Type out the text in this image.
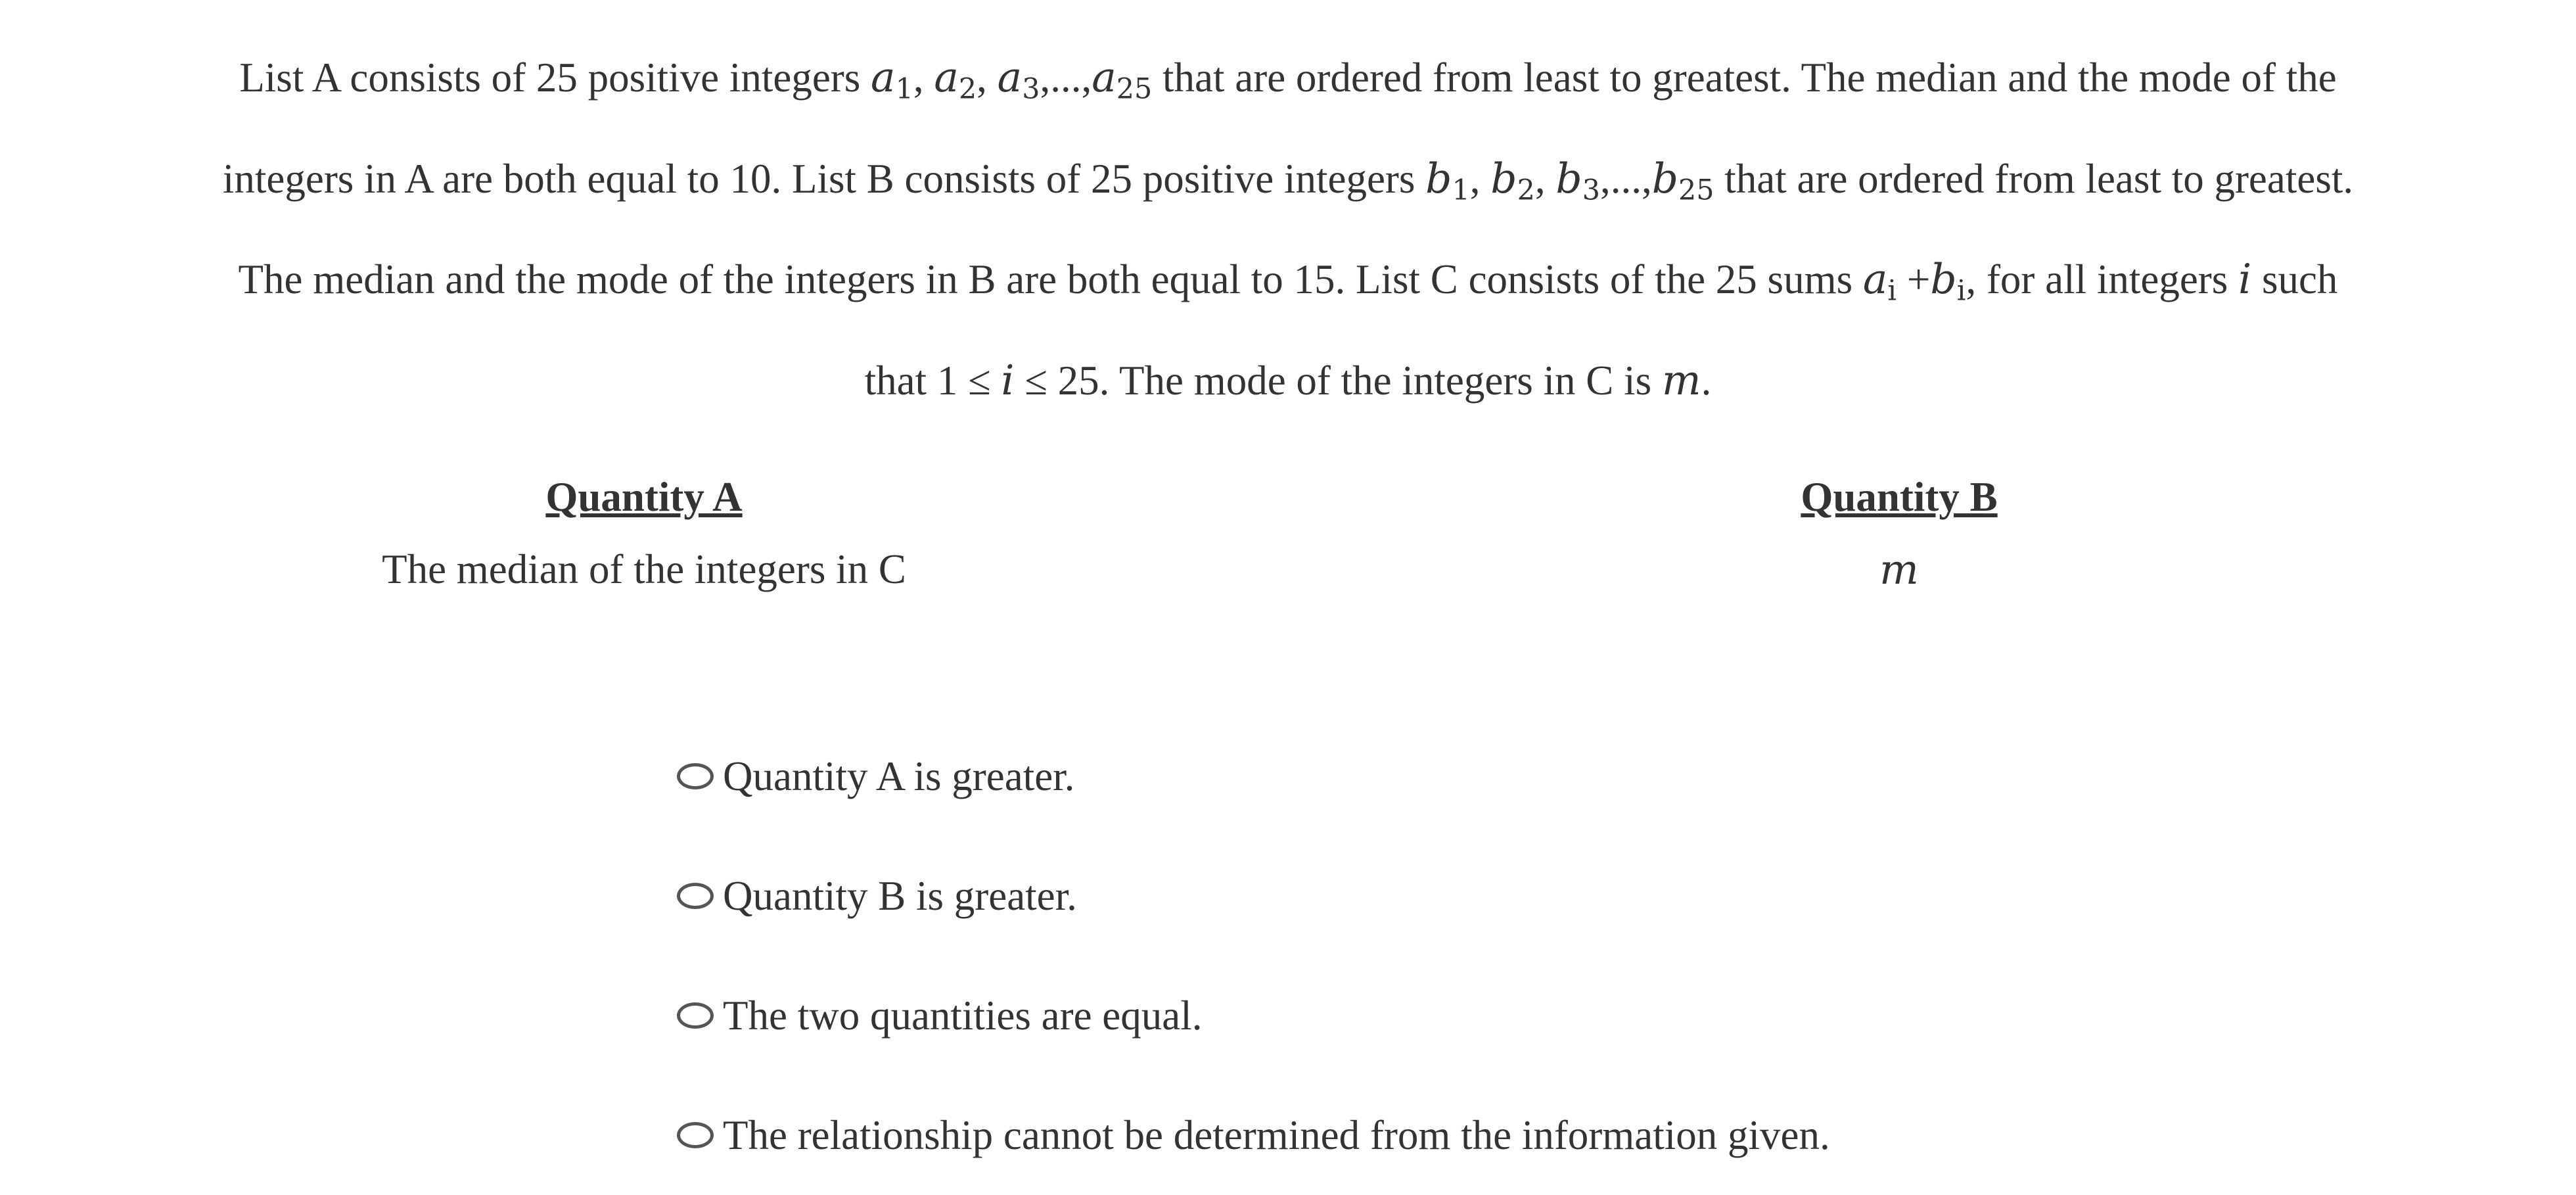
List A consists of 25 positive integers $a_1$, $a_2$, $a_3,...,a_{25}$ that are ordered from least to greatest. The median and the mode of the
integers in A are both equal to 10. List B consists of 25 positive integers $b_1$, $b_2$, $b_3,...,b_{25}$ that are ordered from least to greatest.
The median and the mode of the integers in B are both equal to 15. List C consists of the 25 sums $a_i +b_i$, for all integers i such
that 1 ≤ i ≤ 25. The mode of the integers in C is m.
Quantity A	Quantity B
The median of the integers in C	m
Quantity A is greater.
Quantity B is greater.
The two quantities are equal.
The relationship cannot be determined from the information given.
